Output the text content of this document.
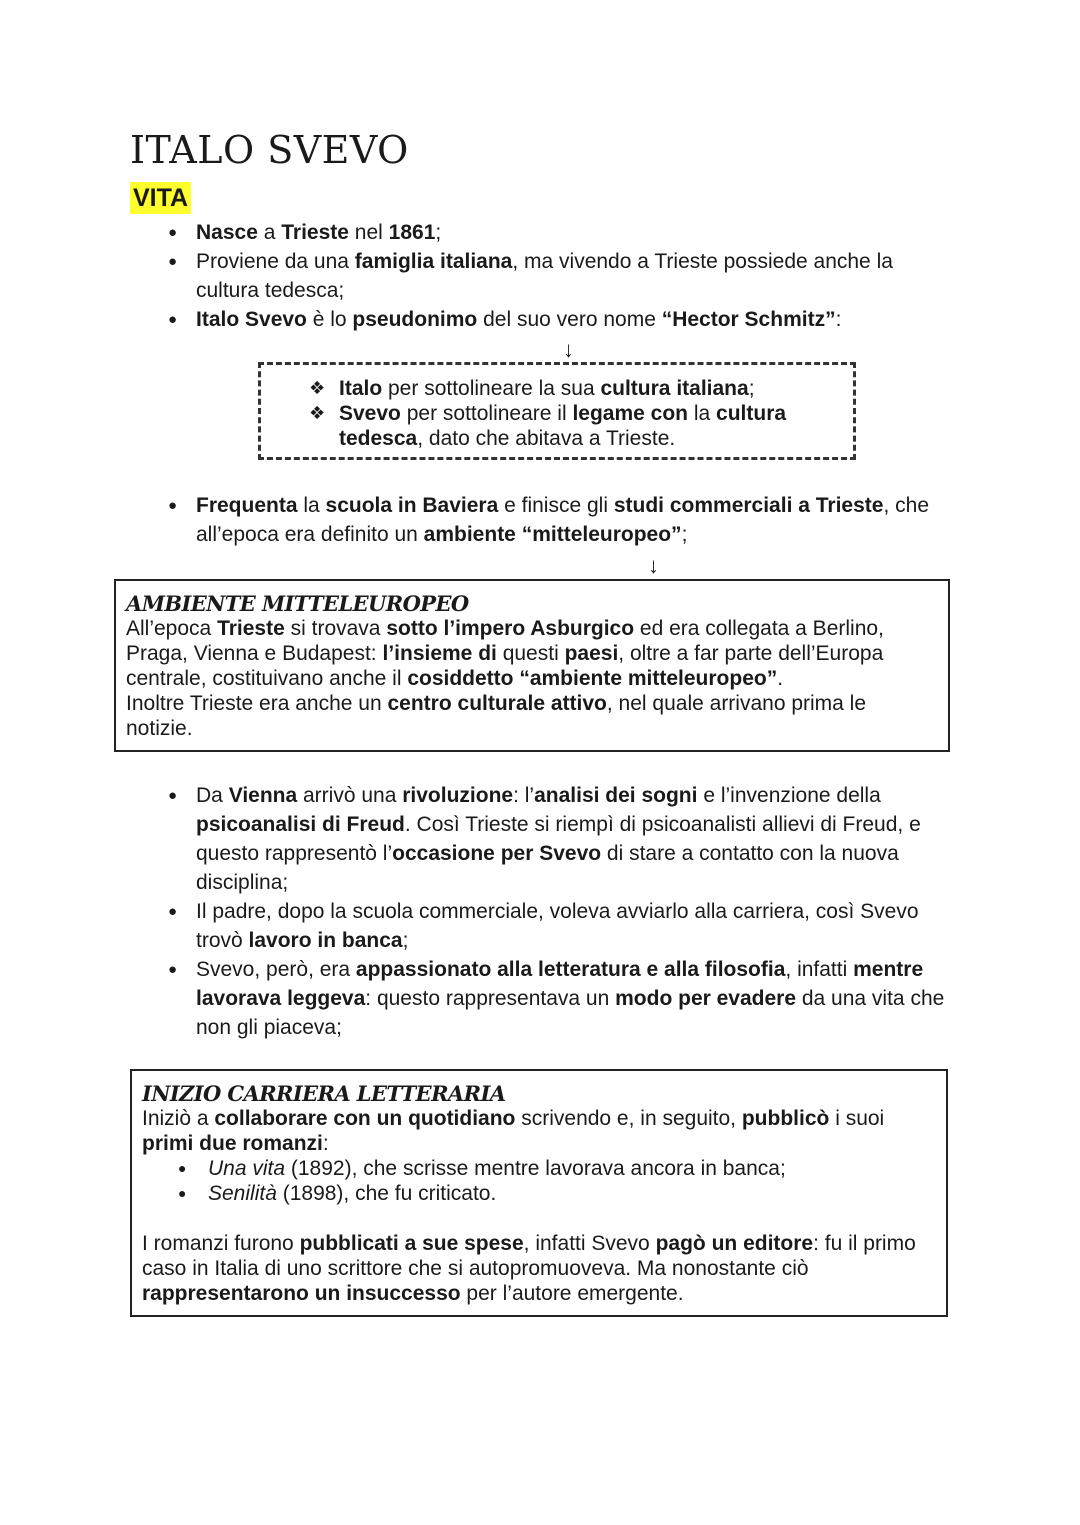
ITALO SVEVO
VITA
● Nasce a Trieste nel 1861;
● Proviene da una famiglia italiana, ma vivendo a Trieste possiede anche la cultura tedesca;
● Italo Svevo è lo pseudonimo del suo vero nome “Hector Schmitz”:
↓
❖ Italo per sottolineare la sua cultura italiana;
❖ Svevo per sottolineare il legame con la cultura tedesca, dato che abitava a Trieste.
● Frequenta la scuola in Baviera e finisce gli studi commerciali a Trieste, che all’epoca era definito un ambiente “mitteleuropeo”;
↓
AMBIENTE MITTELEUROPEO

All’epoca Trieste si trovava sotto l’impero Asburgico ed era collegata a Berlino, Praga, Vienna e Budapest: l’insieme di questi paesi, oltre a far parte dell’Europa centrale, costituivano anche il cosiddetto “ambiente mitteleuropeo”.

Inoltre Trieste era anche un centro culturale attivo, nel quale arrivano prima le notizie.

● Da Vienna arrivò una rivoluzione: l’analisi dei sogni e l’invenzione della psicoanalisi di Freud. Così Trieste si riempì di psicoanalisti allievi di Freud, e questo rappresentò l’occasione per Svevo di stare a contatto con la nuova disciplina;
● Il padre, dopo la scuola commerciale, voleva avviarlo alla carriera, così Svevo trovò lavoro in banca;
● Svevo, però, era appassionato alla letteratura e alla filosofia, infatti mentre lavorava leggeva: questo rappresentava un modo per evadere da una vita che non gli piaceva;
INIZIO CARRIERA LETTERARIA

Iniziò a collaborare con un quotidiano scrivendo e, in seguito, pubblicò i suoi primi due romanzi:

● Una vita (1892), che scrisse mentre lavorava ancora in banca;
● Senilità (1898), che fu criticato.

I romanzi furono pubblicati a sue spese, infatti Svevo pagò un editore: fu il primo caso in Italia di uno scrittore che si autopromuoveva. Ma nonostante ciò rappresentarono un insuccesso per l’autore emergente.
